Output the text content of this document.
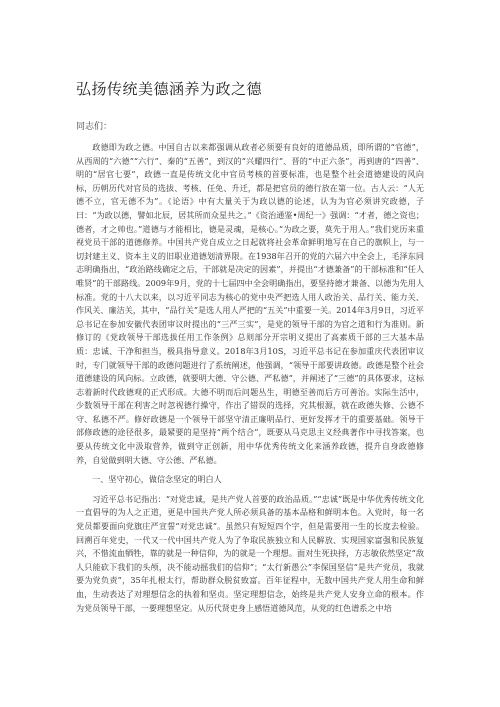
弘扬传统美德涵养为政之德
同志们：

政德即为政之德。中国自古以来都强调从政者必须要有良好的道德品质，即所谓的“官德”，从西周的“六德”“六行”、秦的“五善”，到汉的“兴耀四行”、晋的“中正六条”，再到唐的“四善”、明的“居官七要”，政德一直是传统文化中官员考核的首要标准，也是整个社会道德建设的风向标，历朝历代对官员的选拔、考核、任免、升迁，都是把官员的德行放在第一位。古人云：“人无德不立，官无德不为”。《论语》中有大量关于为政以德的论述，认为为官必须讲究政德，子曰：“为政以德，譬如北辰，居其所而众星共之。”《资治通鉴•周纪一》强调：“才者，德之资也；德者，才之帅也。”道德与才能相比，德是灵魂，是核心。”为政之要，莫先于用人。”我们党历来重视党员干部的道德修养。中国共产党自成立之日起就将社会革命鲜明地写在自己的旗帜上，与一切封建主义、资本主义的旧职业道德划清界限。在1938年召开的党的六届六中全会上，毛泽东同志明确指出，“政治路线确定之后，干部就是决定的因素”，并提出“才德兼备”的干部标准和“任人唯贤”的干部路线。2009年9月，党的十七届四中全会明确指出，要坚持德才兼备、以德为先用人标准。党的十八大以来，以习近平同志为核心的党中央严把选人用人政治关、品行关、能力关、作风关、廉洁关，其中，“品行关”是选人用人严把的“五关”中重要一关。2014年3月9日，习近平总书记在参加安徽代表团审议时提出的“三严三实”，是党的领导干部的为官之道和行为准则。新修订的《党政领导干部选拔任用工作条例》总则部分开宗明义提出了高素质干部的三大基本品质：忠诚、干净和担当，极具指导意义。2018年3月10S，习近平总书记在参加重庆代表团审议时，专门就领导干部的政德问题进行了系统阐述，他强调，“领导干部要讲政德。政德是整个社会道德建设的风向标。立政德，就要明大德、守公德、严私德”，并阐述了“三德”的具体要求，这标志着新时代政德观的正式形成。大德不明而后问题丛生，明德至善而后方可善治。实际生活中，少数领导干部在利害之时忽视德行操守，作出了错误的选择，究其根源，就在政德失修、公德不守、私德不严。修好政德是一个领导干部坚守清正廉明品行、更好发挥才干的重要基础。领导干部修政德的途径很多，最紧要的是坚持“两个结合”，既要从马克思主义经典著作中寻找答案，也要从传统文化中汲取营养，做到守正创新，用中华优秀传统文化来涵养政德，提升自身政德修养，自觉做到明大德、守公德、严私德。

一、坚守初心，做信念坚定的明白人

习近平总书记指出：“对党忠诚，是共产党人首要的政治品质。”“忠诚”既是中华优秀传统文化一直倡导的为人之正道，更是中国共产党人所必须具备的基本品格和鲜明本色。入党时，每一名党员都要面向党旗庄严宣誓“对党忠诚”。虽然只有短短四个字，但是需要用一生的长度去检验。回溯百年党史，一代又一代中国共产党人为了争取民族独立和人民解放、实现国家富强和民族复兴，不惜流血牺牲，靠的就是一种信仰，为的就是一个理想。面对生死抉择，方志敏依然坚定“敌人只能砍下我们的头颅，决不能动摇我们的信仰”；“太行新愚公”李保国坚信“是共产党员，我就要为党负责”，35年扎根太行，帮助群众脱贫致富。百年征程中，无数中国共产党人用生命和鲜血，生动表达了对理想信念的执着和坚贞。坚定理想信念，始终是共产党人安身立命的根本。作为党员领导干部，一要理想坚定。从历代贤吏身上感悟道德风范，从党的红色谱系之中培
